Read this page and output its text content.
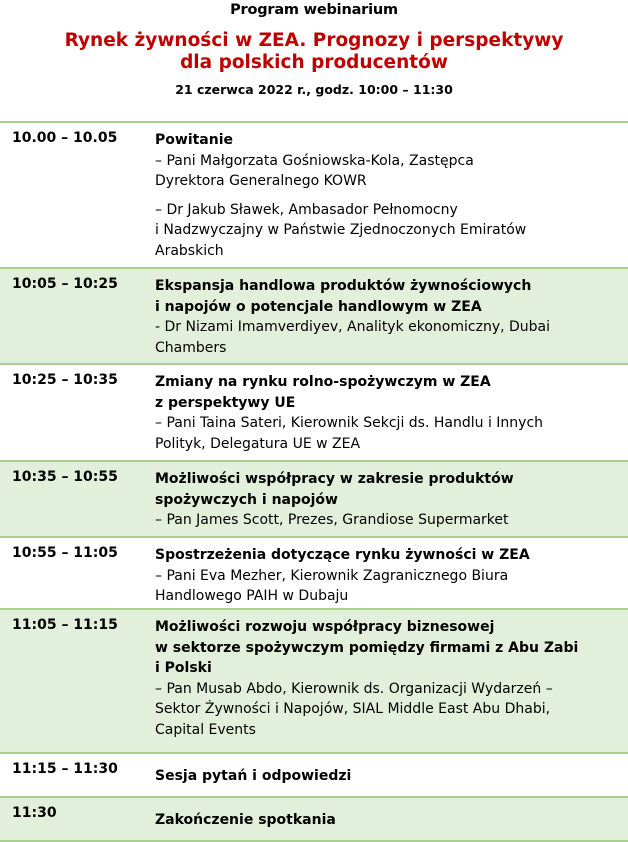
Program webinarium
Rynek żywności w ZEA. Prognozy i perspektywy
dla polskich producentów
21 czerwca 2022 r., godz. 10:00 – 11:30
10.00 – 10.05	Powitanie
– Pani Małgorzata Gośniowska-Kola, Zastępca
Dyrektora Generalnego KOWR
– Dr Jakub Sławek, Ambasador Pełnomocny
i Nadzwyczajny w Państwie Zjednoczonych Emiratów
Arabskich
10:05 – 10:25	Ekspansja handlowa produktów żywnościowych
i napojów o potencjale handlowym w ZEA
- Dr Nizami Imamverdiyev, Analityk ekonomiczny, Dubai
Chambers
10:25 – 10:35	Zmiany na rynku rolno-spożywczym w ZEA
z perspektywy UE
– Pani Taina Sateri, Kierownik Sekcji ds. Handlu i Innych
Polityk, Delegatura UE w ZEA
10:35 – 10:55	Możliwości współpracy w zakresie produktów
spożywczych i napojów
– Pan James Scott, Prezes, Grandiose Supermarket
10:55 – 11:05	Spostrzeżenia dotyczące rynku żywności w ZEA
– Pani Eva Mezher, Kierownik Zagranicznego Biura
Handlowego PAIH w Dubaju
11:05 – 11:15	Możliwości rozwoju współpracy biznesowej
w sektorze spożywczym pomiędzy firmami z Abu Zabi
i Polski
– Pan Musab Abdo, Kierownik ds. Organizacji Wydarzeń –
Sektor Żywności i Napojów, SIAL Middle East Abu Dhabi,
Capital Events
11:15 – 11:30	Sesja pytań i odpowiedzi
11:30	Zakończenie spotkania
